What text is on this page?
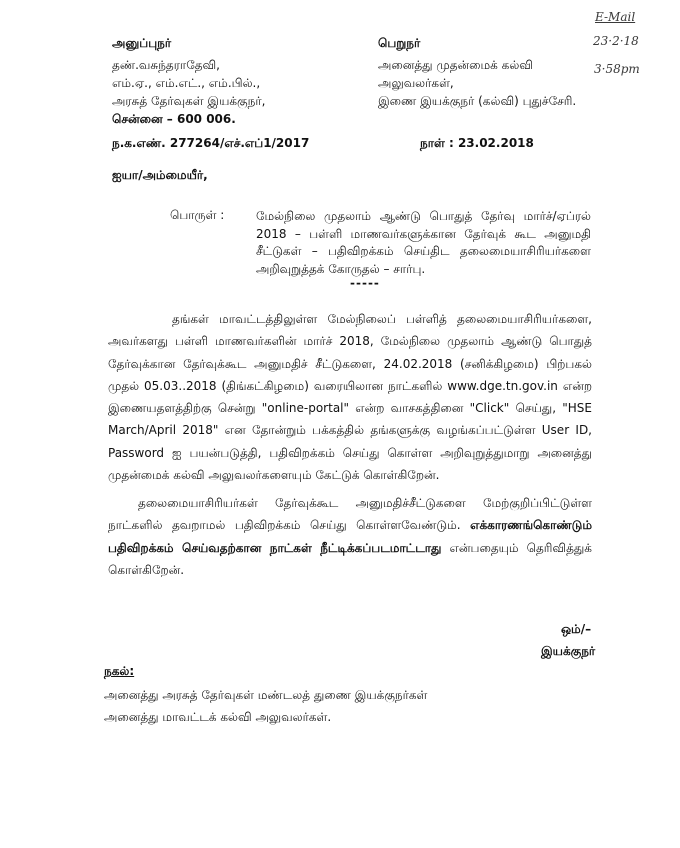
E-Mail
23·2·18
3·58pm
அனுப்புநர்
தண்.வசுந்தராதேவி,
எம்.ஏ., எம்.எட்., எம்.பில்.,
அரசுத் தேர்வுகள் இயக்குநர்,
சென்னை – 600 006.
பெறுநர்
அனைத்து முதன்மைக் கல்வி
அலுவலர்கள்,
இணை இயக்குநர் (கல்வி) புதுச்சேரி.
ந.க.எண். 277264/எச்.எப்1/2017	நாள் : 23.02.2018
ஐயா/அம்மையீர்,
பொருள் :	மேல்நிலை முதலாம் ஆண்டு பொதுத் தேர்வு மார்ச்/ஏப்ரல் 2018 – பள்ளி மாணவர்களுக்கான தேர்வுக் கூட அனுமதி சீட்டுகள் – பதிவிறக்கம் செய்திட தலைமையாசிரியர்களை அறிவுறுத்தக் கோருதல் – சார்பு.
-----
தங்கள் மாவட்டத்திலுள்ள மேல்நிலைப் பள்ளித் தலைமையாசிரியர்களை, அவர்களது பள்ளி மாணவர்களின் மார்ச் 2018, மேல்நிலை முதலாம் ஆண்டு பொதுத் தேர்வுக்கான தேர்வுக்கூட அனுமதிச் சீட்டுகளை, 24.02.2018 (சனிக்கிழமை) பிற்பகல் முதல் 05.03..2018 (திங்கட்கிழமை) வரையிலான நாட்களில் www.dge.tn.gov.in என்ற இணையதளத்திற்கு சென்று "online-portal" என்ற வாசகத்தினை "Click" செய்து, "HSE March/April 2018" என தோன்றும் பக்கத்தில் தங்களுக்கு வழங்கப்பட்டுள்ள User ID, Password ஐ பயன்படுத்தி, பதிவிறக்கம் செய்து கொள்ள அறிவுறுத்துமாறு அனைத்து முதன்மைக் கல்வி அலுவலர்களையும் கேட்டுக் கொள்கிறேன்.
தலைமையாசிரியர்கள் தேர்வுக்கூட அனுமதிச்சீட்டுகளை மேற்குறிப்பிட்டுள்ள நாட்களில் தவறாமல் பதிவிறக்கம் செய்து கொள்ளவேண்டும். எக்காரணங்கொண்டும் பதிவிறக்கம் செய்வதற்கான நாட்கள் நீட்டிக்கப்படமாட்டாது என்பதையும் தெரிவித்துக் கொள்கிறேன்.
ஒம்/–
இயக்குநர்
நகல்:
அனைத்து அரசுத் தேர்வுகள் மண்டலத் துணை இயக்குநர்கள்
அனைத்து மாவட்டக் கல்வி அலுவலர்கள்.
